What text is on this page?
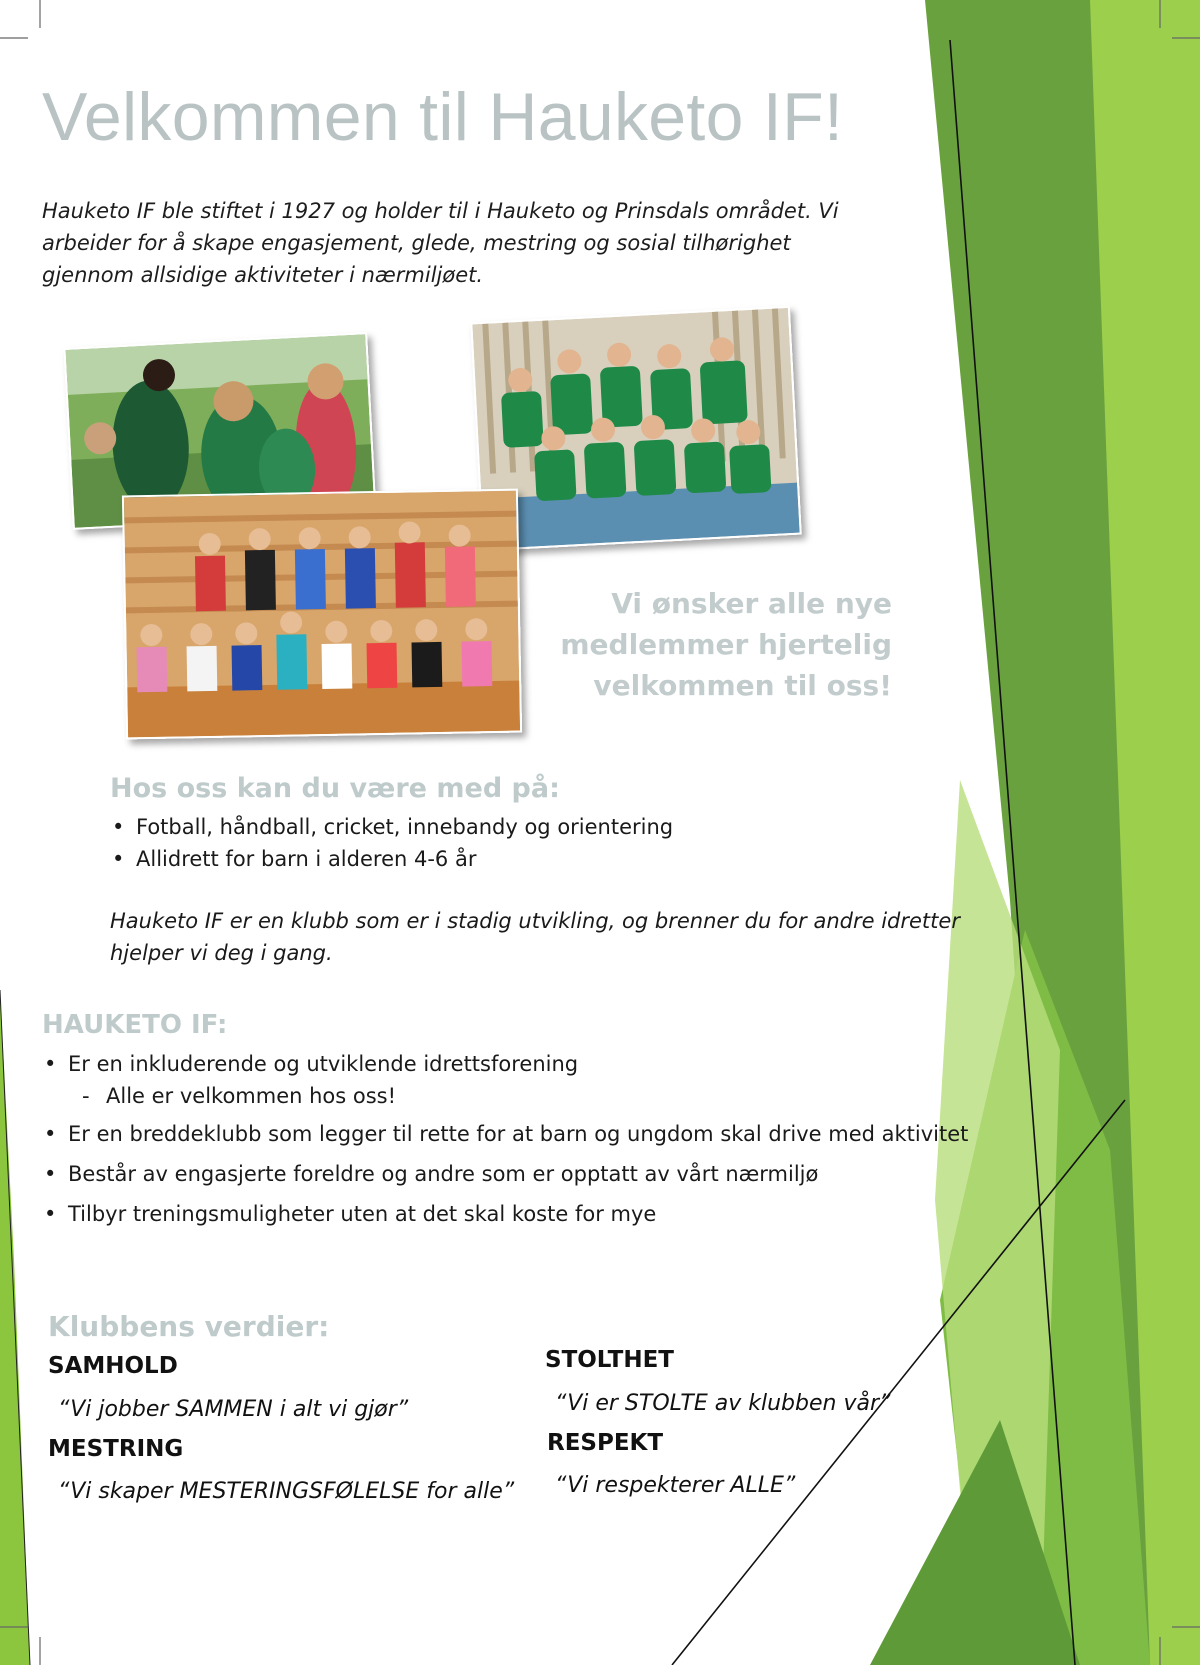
Velkommen til Hauketo IF!
Hauketo IF ble stiftet i 1927 og holder til i Hauketo og Prinsdals området. Vi arbeider for å skape engasjement, glede, mestring og sosial tilhørighet gjennom allsidige aktiviteter i nærmiljøet.
Vi ønsker alle nye
medlemmer hjertelig
velkommen til oss!
Hos oss kan du være med på:
• Fotball, håndball, cricket, innebandy og orientering
• Allidrett for barn i alderen 4-6 år
Hauketo IF er en klubb som er i stadig utvikling, og brenner du for andre idretter hjelper vi deg i gang.
HAUKETO IF:
• Er en inkluderende og utviklende idrettsforening
- Alle er velkommen hos oss!
• Er en breddeklubb som legger til rette for at barn og ungdom skal drive med aktivitet
• Består av engasjerte foreldre og andre som er opptatt av vårt nærmiljø
• Tilbyr treningsmuligheter uten at det skal koste for mye
Klubbens verdier:
SAMHOLD
“Vi jobber SAMMEN i alt vi gjør”
MESTRING
“Vi skaper MESTERINGSFØLELSE for alle”
STOLTHET
“Vi er STOLTE av klubben vår”
RESPEKT
“Vi respekterer ALLE”
